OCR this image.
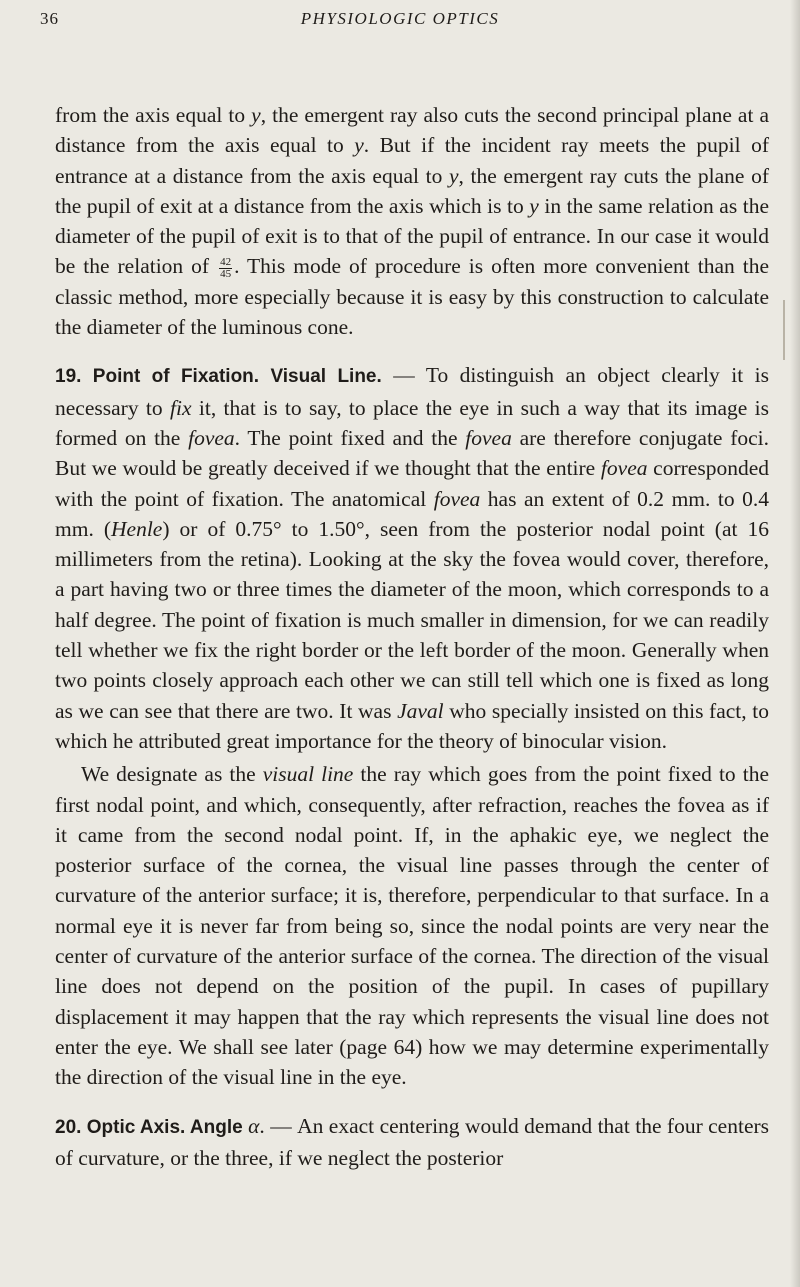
36	PHYSIOLOGIC OPTICS

from the axis equal to y, the emergent ray also cuts the second principal plane at a distance from the axis equal to y. But if the incident ray meets the pupil of entrance at a distance from the axis equal to y, the emergent ray cuts the plane of the pupil of exit at a distance from the axis which is to y in the same relation as the diameter of the pupil of exit is to that of the pupil of entrance. In our case it would be the relation of $\frac{42}{45}$ . This mode of procedure is often more convenient than the classic method, more especially because it is easy by this construction to calculate the diameter of the luminous cone.

19. Point of Fixation. Visual Line. — To distinguish an object clearly it is necessary to fix it, that is to say, to place the eye in such a way that its image is formed on the fovea. The point fixed and the fovea are therefore conjugate foci. But we would be greatly deceived if we thought that the entire fovea corresponded with the point of fixation. The anatomical fovea has an extent of 0.2 mm. to 0.4 mm. (Henle) or of 0.75° to 1.50°, seen from the posterior nodal point (at 16 millimeters from the retina). Looking at the sky the fovea would cover, therefore, a part having two or three times the diameter of the moon, which corresponds to a half degree. The point of fixation is much smaller in dimension, for we can readily tell whether we fix the right border or the left border of the moon. Generally when two points closely approach each other we can still tell which one is fixed as long as we can see that there are two. It was Javal who specially insisted on this fact, to which he attributed great importance for the theory of binocular vision.

We designate as the visual line the ray which goes from the point fixed to the first nodal point, and which, consequently, after refraction, reaches the fovea as if it came from the second nodal point. If, in the aphakic eye, we neglect the posterior surface of the cornea, the visual line passes through the center of curvature of the anterior surface; it is, therefore, perpendicular to that surface. In a normal eye it is never far from being so, since the nodal points are very near the center of curvature of the anterior surface of the cornea. The direction of the visual line does not depend on the position of the pupil. In cases of pupillary displacement it may happen that the ray which represents the visual line does not enter the eye. We shall see later (page 64) how we may determine experimentally the direction of the visual line in the eye.

20. Optic Axis. Angle α. — An exact centering would demand that the four centers of curvature, or the three, if we neglect the posterior
